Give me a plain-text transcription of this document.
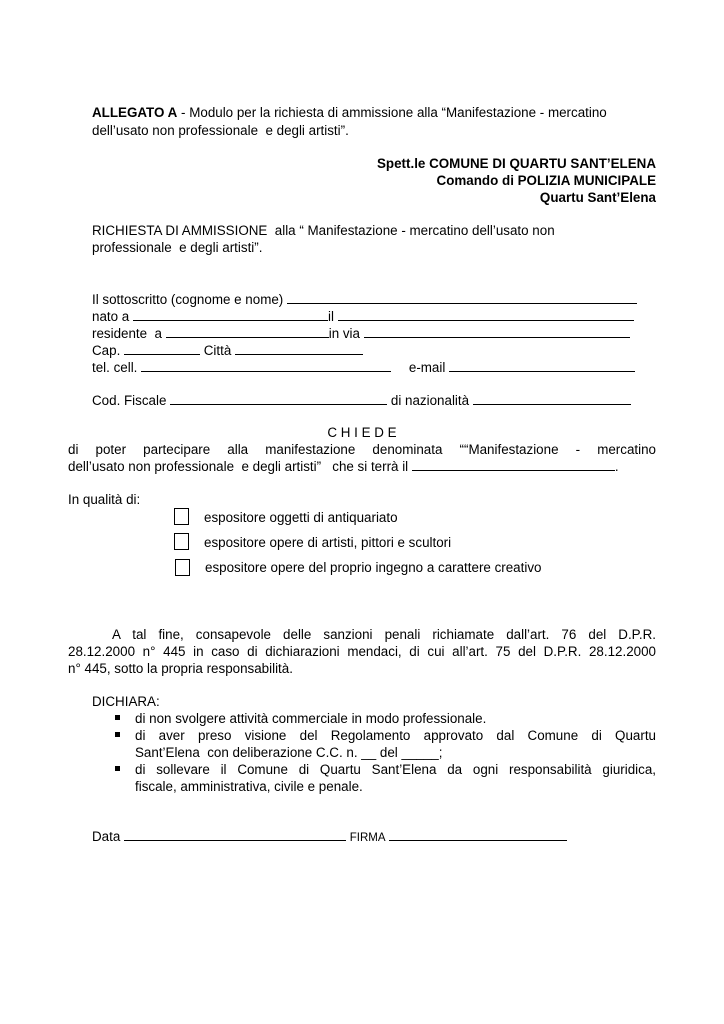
ALLEGATO A - Modulo per la richiesta di ammissione alla “Manifestazione - mercatino
dell’usato non professionale  e degli artisti”.
Spett.le COMUNE DI QUARTU SANT’ELENA
Comando di POLIZIA MUNICIPALE
Quartu Sant’Elena
RICHIESTA DI AMMISSIONE  alla “ Manifestazione - mercatino dell’usato non
professionale  e degli artisti”.
Il sottoscritto (cognome e nome)
nato a	il
residente  a	in via
Cap.	Città
tel. cell.	e-mail
Cod. Fiscale	di nazionalità
C H I E D E
di poter partecipare alla manifestazione denominata ““Manifestazione - mercatino
dell’usato non professionale  e degli artisti”   che si terrà il	.
In qualità di:
espositore oggetti di antiquariato
espositore opere di artisti, pittori e scultori
espositore opere del proprio ingegno a carattere creativo
A tal fine, consapevole delle sanzioni penali richiamate dall’art. 76 del D.P.R.
28.12.2000 n° 445 in caso di dichiarazioni mendaci, di cui all’art. 75 del D.P.R. 28.12.2000
n° 445, sotto la propria responsabilità.
DICHIARA:
di non svolgere attività commerciale in modo professionale.
di aver preso visione del Regolamento approvato dal Comune di Quartu
Sant’Elena  con deliberazione C.C. n. __ del _____;
di sollevare il Comune di Quartu Sant’Elena da ogni responsabilità giuridica,
fiscale, amministrativa, civile e penale.
Data	FIRMA
